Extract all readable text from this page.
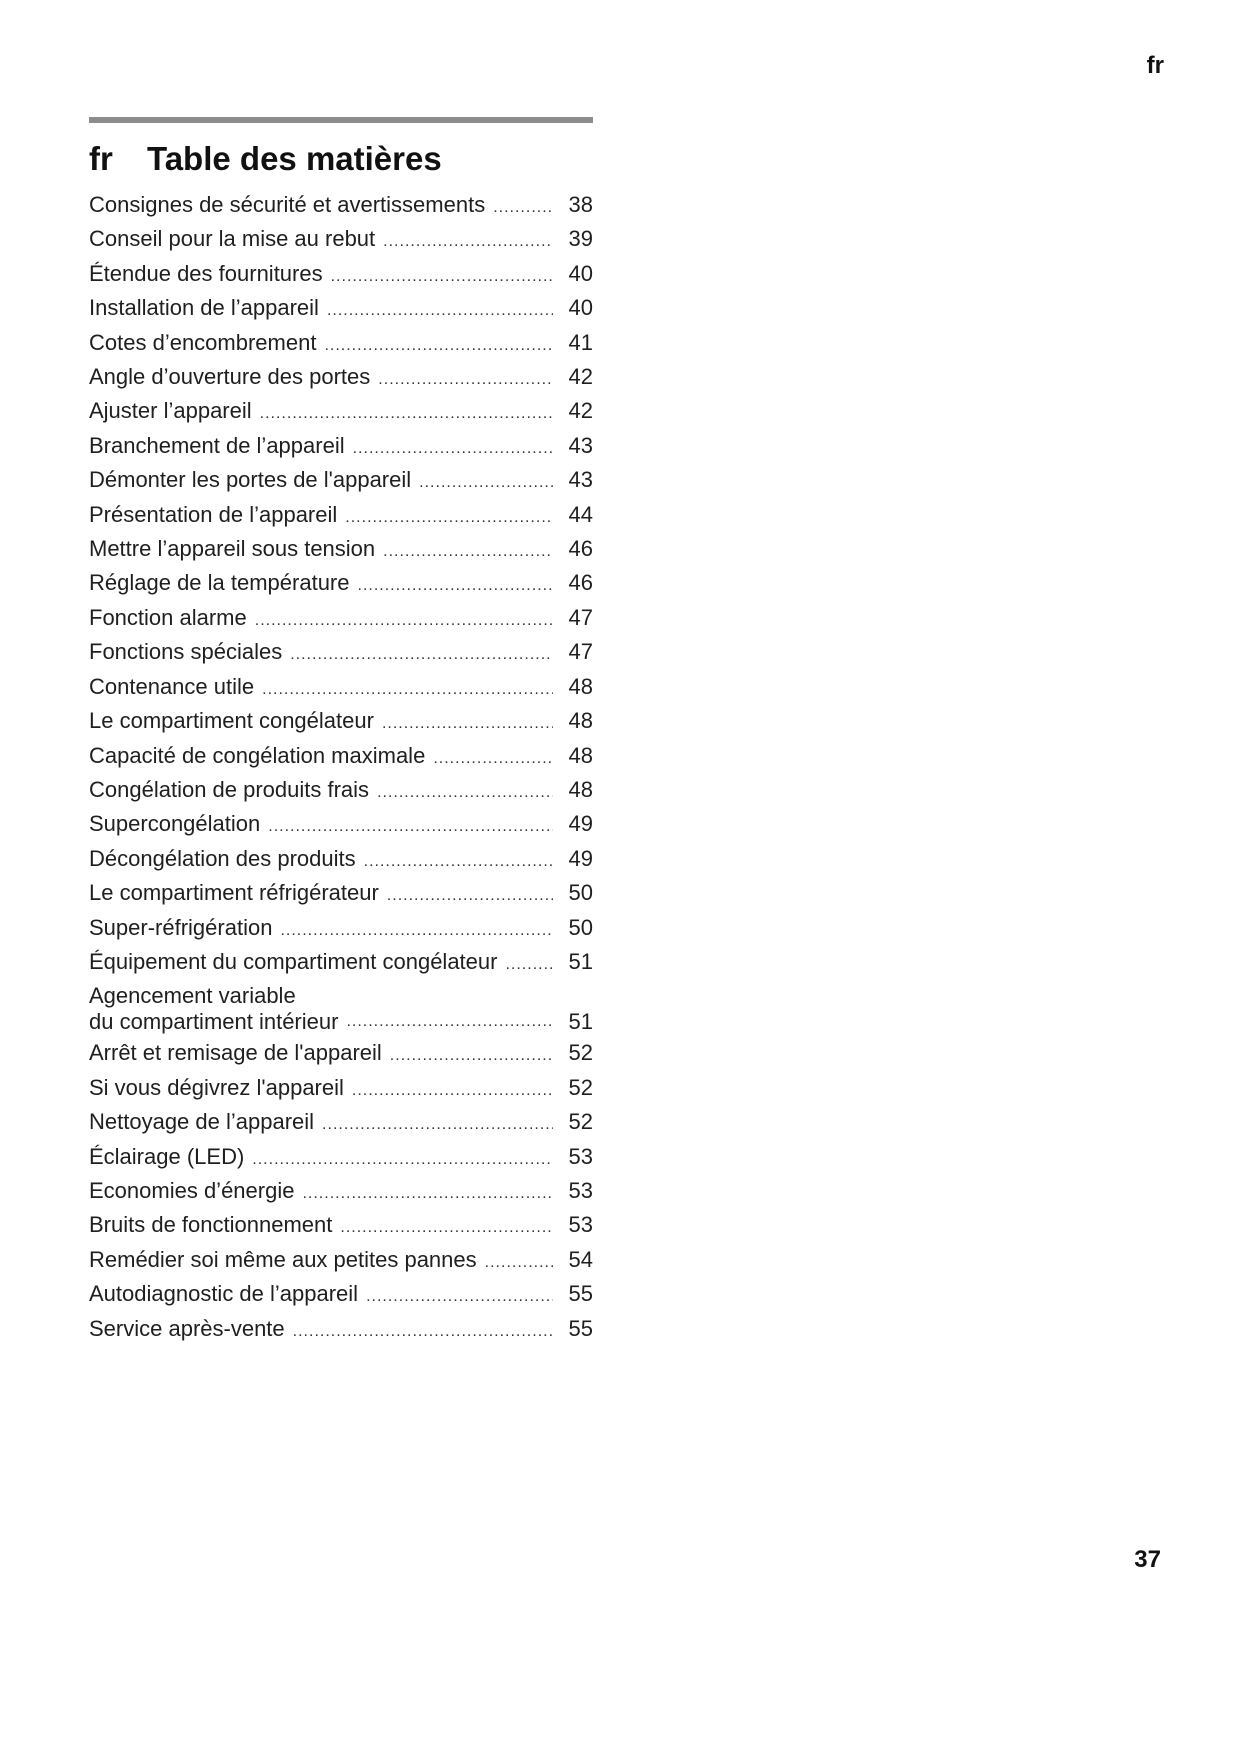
fr
fr	Table des matières
Consignes de sécurité et avertissements .....	38
Conseil pour la mise au rebut .....	39
Étendue des fournitures .....	40
Installation de l’appareil .....	40
Cotes d’encombrement .....	41
Angle d’ouverture des portes .....	42
Ajuster l’appareil .....	42
Branchement de l’appareil .....	43
Démonter les portes de l'appareil .....	43
Présentation de l’appareil .....	44
Mettre l’appareil sous tension .....	46
Réglage de la température .....	46
Fonction alarme .....	47
Fonctions spéciales .....	47
Contenance utile .....	48
Le compartiment congélateur .....	48
Capacité de congélation maximale .....	48
Congélation de produits frais .....	48
Supercongélation .....	49
Décongélation des produits .....	49
Le compartiment réfrigérateur .....	50
Super-réfrigération .....	50
Équipement du compartiment congélateur .....	51
Agencement variable
du compartiment intérieur .....	51
Arrêt et remisage de l'appareil .....	52
Si vous dégivrez l'appareil .....	52
Nettoyage de l’appareil .....	52
Éclairage (LED) .....	53
Economies d’énergie .....	53
Bruits de fonctionnement .....	53
Remédier soi même aux petites pannes .....	54
Autodiagnostic de l’appareil .....	55
Service après-vente .....	55
37
